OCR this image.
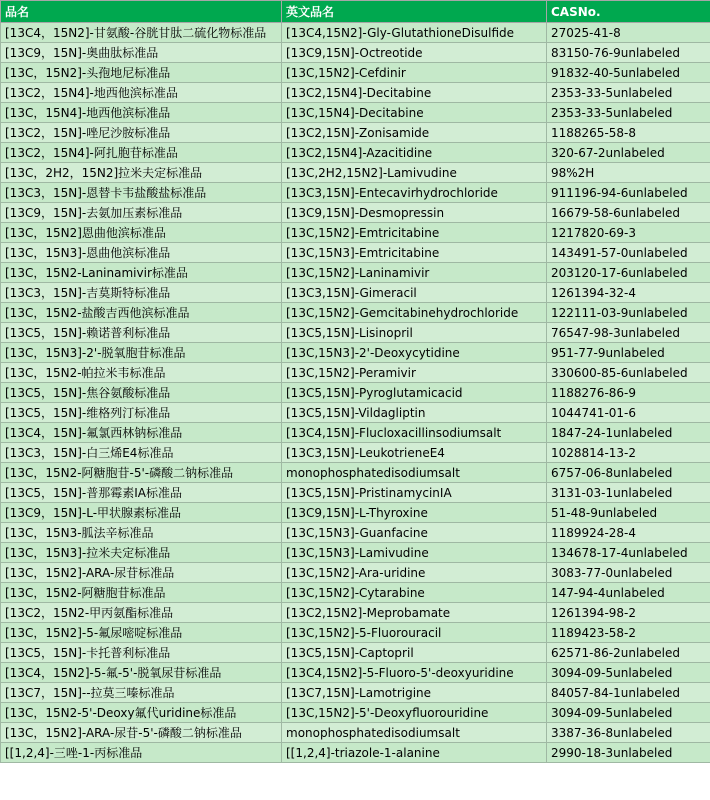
品名	英文品名	CASNo.
[13C4，15N2]-甘氨酸-谷胱甘肽二硫化物标准品	[13C4,15N2]-Gly-GlutathioneDisulfide	27025-41-8
[13C9，15N]-奥曲肽标准品	[13C9,15N]-Octreotide	83150-76-9unlabeled
[13C，15N2]-头孢地尼标准品	[13C,15N2]-Cefdinir	91832-40-5unlabeled
[13C2，15N4]-地西他滨标准品	[13C2,15N4]-Decitabine	2353-33-5unlabeled
[13C，15N4]-地西他滨标准品	[13C,15N4]-Decitabine	2353-33-5unlabeled
[13C2，15N]-唑尼沙胺标准品	[13C2,15N]-Zonisamide	1188265-58-8
[13C2，15N4]-阿扎胞苷标准品	[13C2,15N4]-Azacitidine	320-67-2unlabeled
[13C，2H2，15N2]拉米夫定标准品	[13C,2H2,15N2]-Lamivudine	98%2H
[13C3，15N]-恩替卡韦盐酸盐标准品	[13C3,15N]-Entecavirhydrochloride	911196-94-6unlabeled
[13C9，15N]-去氨加压素标准品	[13C9,15N]-Desmopressin	16679-58-6unlabeled
[13C，15N2]恩曲他滨标准品	[13C,15N2]-Emtricitabine	1217820-69-3
[13C，15N3]-恩曲他滨标准品	[13C,15N3]-Emtricitabine	143491-57-0unlabeled
[13C，15N2-Laninamivir标准品	[13C,15N2]-Laninamivir	203120-17-6unlabeled
[13C3，15N]-吉莫斯特标准品	[13C3,15N]-Gimeracil	1261394-32-4
[13C，15N2-盐酸吉西他滨标准品	[13C,15N2]-Gemcitabinehydrochloride	122111-03-9unlabeled
[13C5，15N]-赖诺普利标准品	[13C5,15N]-Lisinopril	76547-98-3unlabeled
[13C，15N3]-2'-脱氧胞苷标准品	[13C,15N3]-2'-Deoxycytidine	951-77-9unlabeled
[13C，15N2-帕拉米韦标准品	[13C,15N2]-Peramivir	330600-85-6unlabeled
[13C5，15N]-焦谷氨酸标准品	[13C5,15N]-Pyroglutamicacid	1188276-86-9
[13C5，15N]-维格列汀标准品	[13C5,15N]-Vildagliptin	1044741-01-6
[13C4，15N]-氟氯西林钠标准品	[13C4,15N]-Flucloxacillinsodiumsalt	1847-24-1unlabeled
[13C3，15N]-白三烯E4标准品	[13C3,15N]-LeukotrieneE4	1028814-13-2
[13C，15N2-阿糖胞苷-5'-磷酸二钠标准品	monophosphatedisodiumsalt	6757-06-8unlabeled
[13C5，15N]-普那霉素IA标准品	[13C5,15N]-PristinamycinIA	3131-03-1unlabeled
[13C9，15N]-L-甲状腺素标准品	[13C9,15N]-L-Thyroxine	51-48-9unlabeled
[13C，15N3-胍法辛标准品	[13C,15N3]-Guanfacine	1189924-28-4
[13C，15N3]-拉米夫定标准品	[13C,15N3]-Lamivudine	134678-17-4unlabeled
[13C，15N2]-ARA-尿苷标准品	[13C,15N2]-Ara-uridine	3083-77-0unlabeled
[13C，15N2-阿糖胞苷标准品	[13C,15N2]-Cytarabine	147-94-4unlabeled
[13C2，15N2-甲丙氨酯标准品	[13C2,15N2]-Meprobamate	1261394-98-2
[13C，15N2]-5-氟尿嘧啶标准品	[13C,15N2]-5-Fluorouracil	1189423-58-2
[13C5，15N]-卡托普利标准品	[13C5,15N]-Captopril	62571-86-2unlabeled
[13C4，15N2]-5-氟-5'-脱氧尿苷标准品	[13C4,15N2]-5-Fluoro-5'-deoxyuridine	3094-09-5unlabeled
[13C7，15N]--拉莫三嗪标准品	[13C7,15N]-Lamotrigine	84057-84-1unlabeled
[13C，15N2-5'-Deoxy氟代uridine标准品	[13C,15N2]-5'-Deoxyfluorouridine	3094-09-5unlabeled
[13C，15N2]-ARA-尿苷-5'-磷酸二钠标准品	monophosphatedisodiumsalt	3387-36-8unlabeled
[[1,2,4]-三唑-1-丙标准品	[[1,2,4]-triazole-1-alanine	2990-18-3unlabeled
